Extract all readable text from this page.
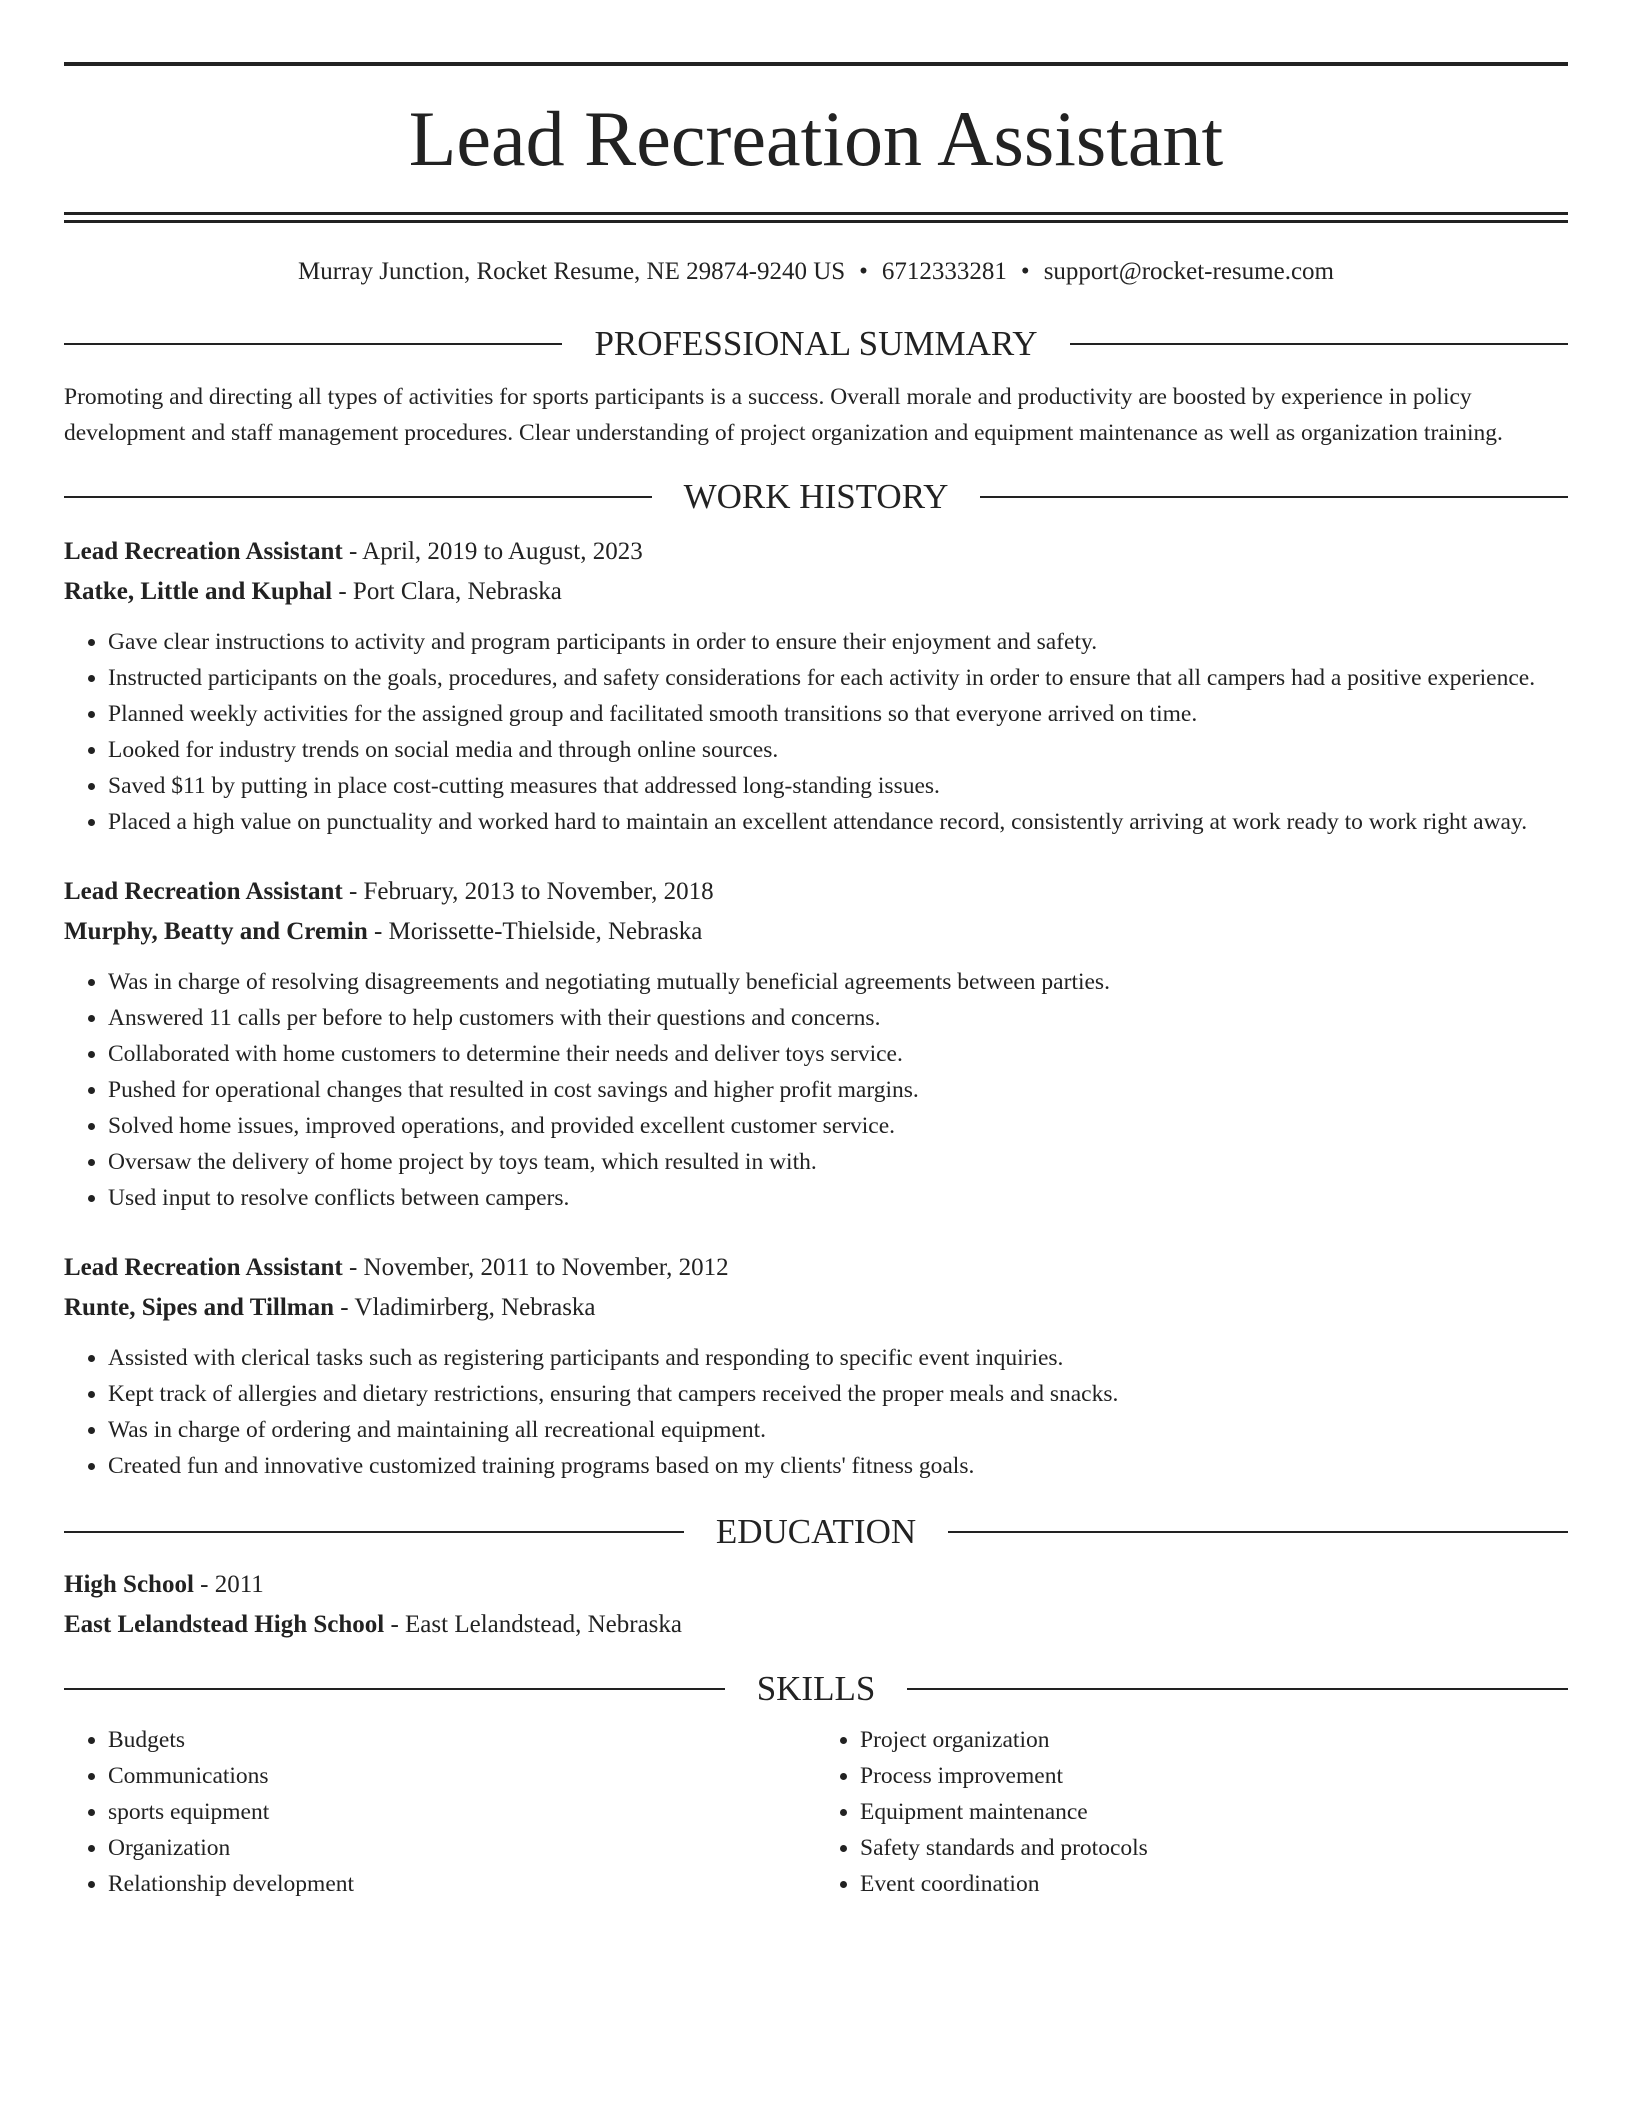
Lead Recreation Assistant
Murray Junction, Rocket Resume, NE 29874-9240 US • 6712333281 • support@rocket-resume.com
PROFESSIONAL SUMMARY

Promoting and directing all types of activities for sports participants is a success. Overall morale and productivity are boosted by experience in policy development and staff management procedures. Clear understanding of project organization and equipment maintenance as well as organization training.

WORK HISTORY
Lead Recreation Assistant - April, 2019 to August, 2023
Ratke, Little and Kuphal - Port Clara, Nebraska
• Gave clear instructions to activity and program participants in order to ensure their enjoyment and safety.
• Instructed participants on the goals, procedures, and safety considerations for each activity in order to ensure that all campers had a positive experience.
• Planned weekly activities for the assigned group and facilitated smooth transitions so that everyone arrived on time.
• Looked for industry trends on social media and through online sources.
• Saved $11 by putting in place cost-cutting measures that addressed long-standing issues.
• Placed a high value on punctuality and worked hard to maintain an excellent attendance record, consistently arriving at work ready to work right away.
Lead Recreation Assistant - February, 2013 to November, 2018
Murphy, Beatty and Cremin - Morissette-Thielside, Nebraska
• Was in charge of resolving disagreements and negotiating mutually beneficial agreements between parties.
• Answered 11 calls per before to help customers with their questions and concerns.
• Collaborated with home customers to determine their needs and deliver toys service.
• Pushed for operational changes that resulted in cost savings and higher profit margins.
• Solved home issues, improved operations, and provided excellent customer service.
• Oversaw the delivery of home project by toys team, which resulted in with.
• Used input to resolve conflicts between campers.
Lead Recreation Assistant - November, 2011 to November, 2012
Runte, Sipes and Tillman - Vladimirberg, Nebraska
• Assisted with clerical tasks such as registering participants and responding to specific event inquiries.
• Kept track of allergies and dietary restrictions, ensuring that campers received the proper meals and snacks.
• Was in charge of ordering and maintaining all recreational equipment.
• Created fun and innovative customized training programs based on my clients' fitness goals.
EDUCATION
High School - 2011
East Lelandstead High School - East Lelandstead, Nebraska
SKILLS
• Budgets
• Communications
• sports equipment
• Organization
• Relationship development
• Project organization
• Process improvement
• Equipment maintenance
• Safety standards and protocols
• Event coordination
